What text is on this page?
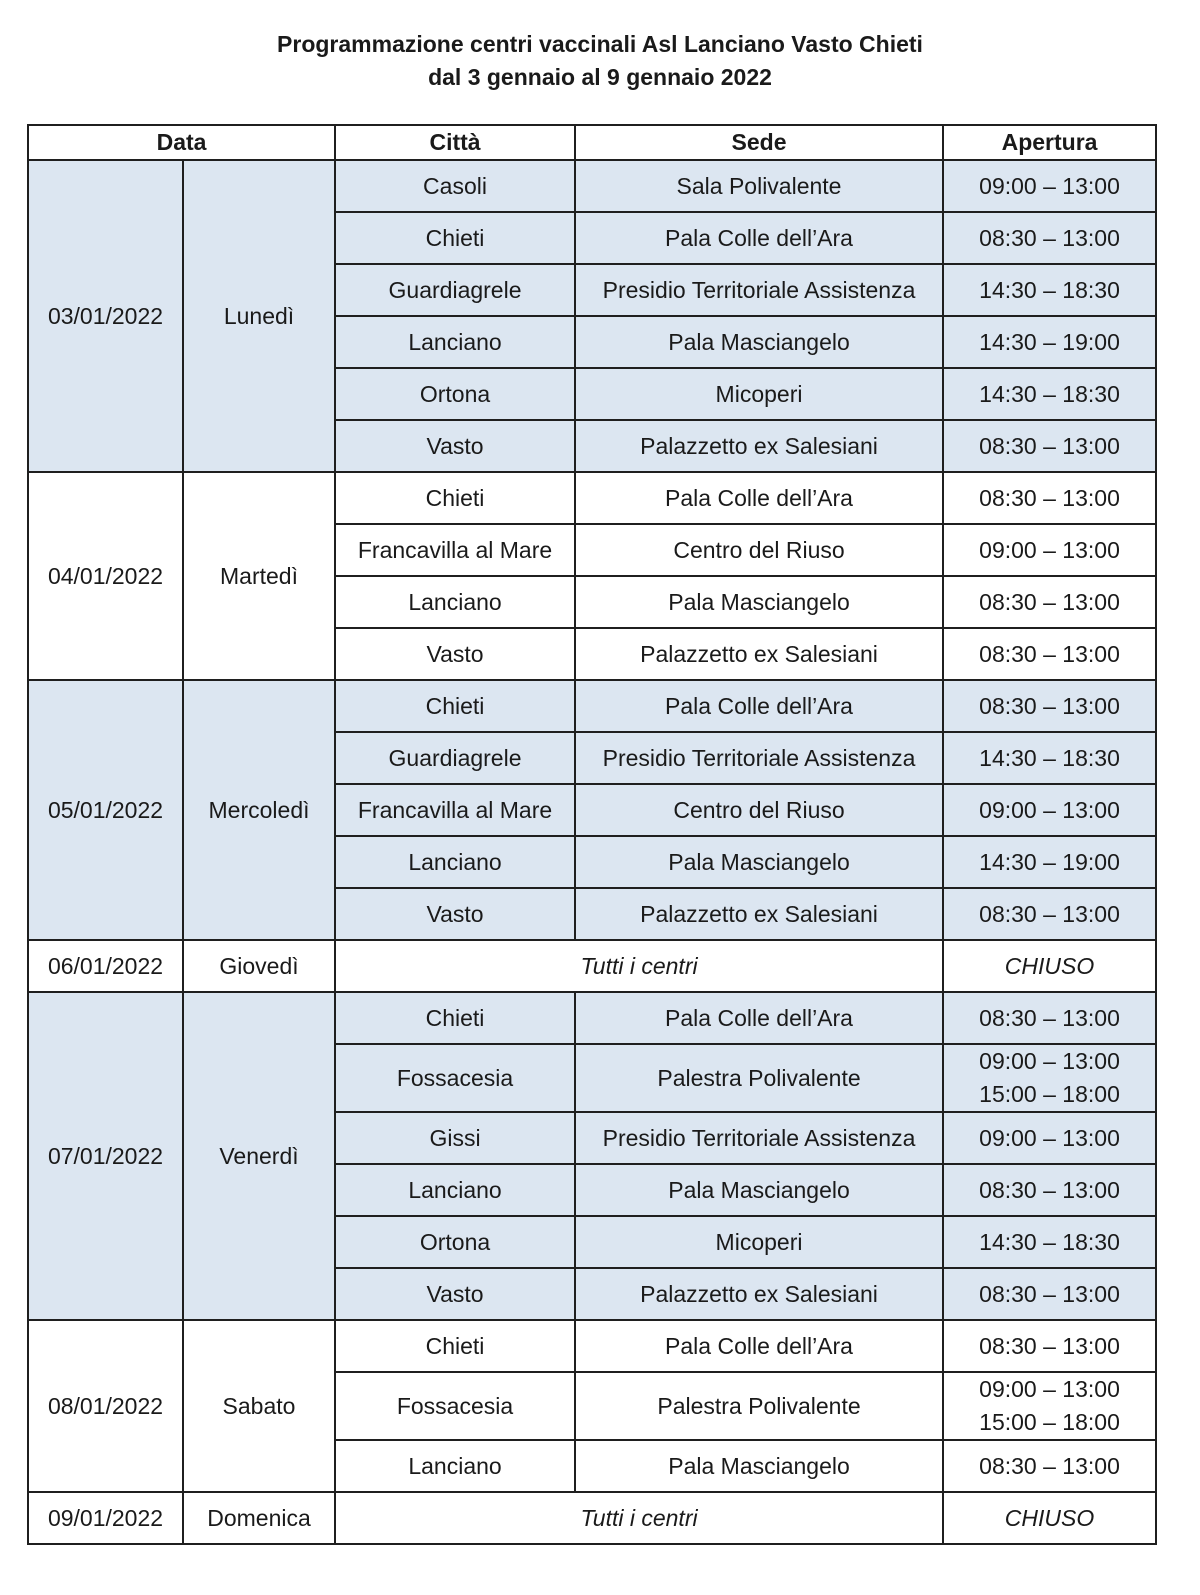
Programmazione centri vaccinali Asl Lanciano Vasto Chieti
dal 3 gennaio al 9 gennaio 2022
Data		Città	Sede	Apertura
03/01/2022	Lunedì	Casoli	Sala Polivalente	09:00 – 13:00

		Chieti	Pala Colle dell’Ara	08:30 – 13:00

		Guardiagrele	Presidio Territoriale Assistenza	14:30 – 18:30

		Lanciano	Pala Masciangelo	14:30 – 19:00

		Ortona	Micoperi	14:30 – 18:30

		Vasto	Palazzetto ex Salesiani	08:30 – 13:00

04/01/2022	Martedì	Chieti	Pala Colle dell’Ara	08:30 – 13:00

		Francavilla al Mare	Centro del Riuso	09:00 – 13:00

		Lanciano	Pala Masciangelo	08:30 – 13:00

		Vasto	Palazzetto ex Salesiani	08:30 – 13:00

05/01/2022	Mercoledì	Chieti	Pala Colle dell’Ara	08:30 – 13:00

		Guardiagrele	Presidio Territoriale Assistenza	14:30 – 18:30

		Francavilla al Mare	Centro del Riuso	09:00 – 13:00

		Lanciano	Pala Masciangelo	14:30 – 19:00

		Vasto	Palazzetto ex Salesiani	08:30 – 13:00

06/01/2022	Giovedì	Tutti i centri		CHIUSO
07/01/2022	Venerdì	Chieti	Pala Colle dell’Ara	08:30 – 13:00

		Fossacesia	Palestra Polivalente	09:00 – 13:00
15:00 – 18:00

		Gissi	Presidio Territoriale Assistenza	09:00 – 13:00

		Lanciano	Pala Masciangelo	08:30 – 13:00

		Ortona	Micoperi	14:30 – 18:30

		Vasto	Palazzetto ex Salesiani	08:30 – 13:00

08/01/2022	Sabato	Chieti	Pala Colle dell’Ara	08:30 – 13:00

		Fossacesia	Palestra Polivalente	09:00 – 13:00
15:00 – 18:00

		Lanciano	Pala Masciangelo	08:30 – 13:00

09/01/2022	Domenica	Tutti i centri		CHIUSO
